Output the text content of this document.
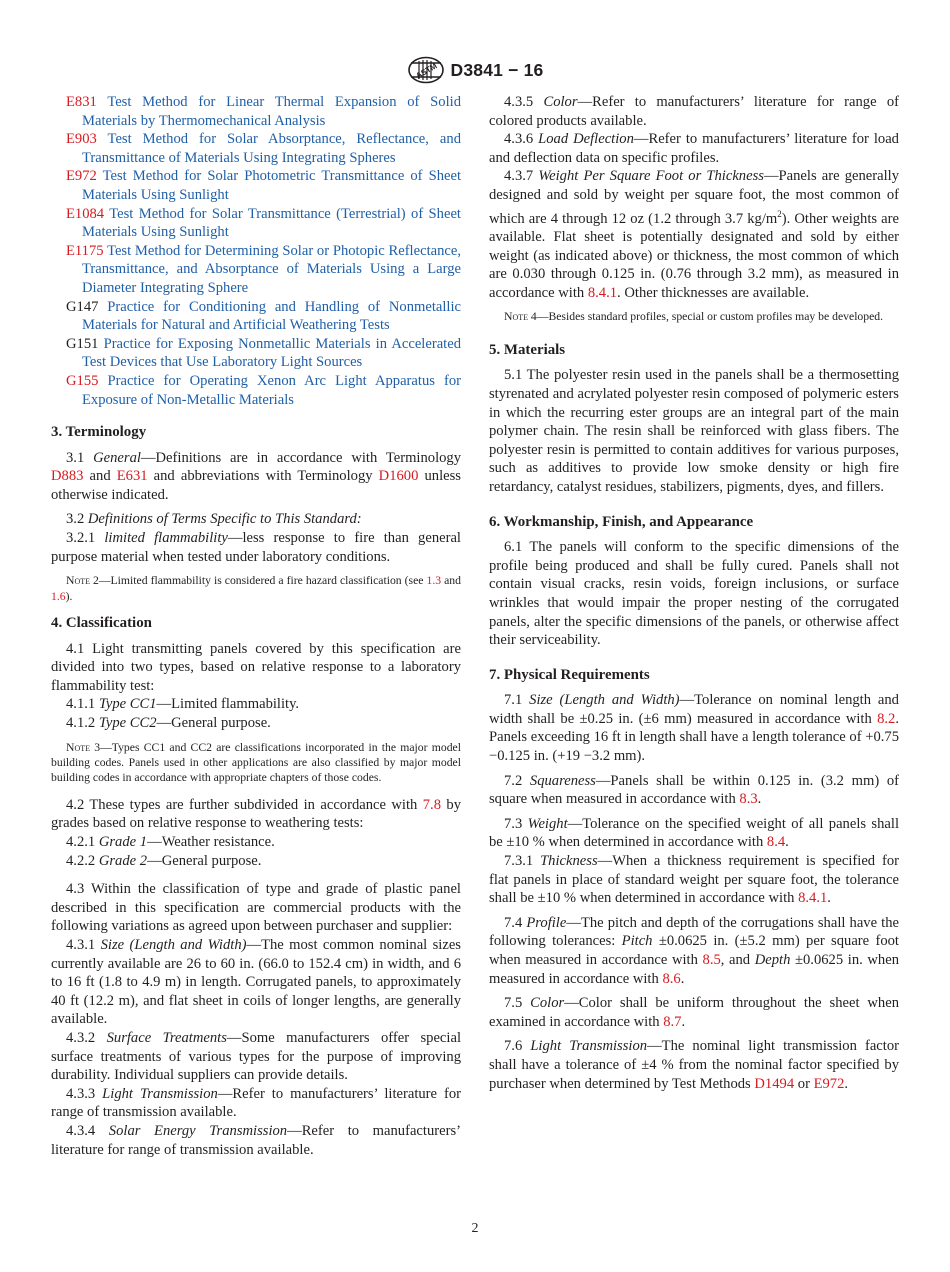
ASTM D3841 − 16

E831 Test Method for Linear Thermal Expansion of Solid Materials by Thermomechanical Analysis

E903 Test Method for Solar Absorptance, Reflectance, and Transmittance of Materials Using Integrating Spheres

E972 Test Method for Solar Photometric Transmittance of Sheet Materials Using Sunlight

E1084 Test Method for Solar Transmittance (Terrestrial) of Sheet Materials Using Sunlight

E1175 Test Method for Determining Solar or Photopic Reflectance, Transmittance, and Absorptance of Materials Using a Large Diameter Integrating Sphere

G147 Practice for Conditioning and Handling of Nonmetallic Materials for Natural and Artificial Weathering Tests

G151 Practice for Exposing Nonmetallic Materials in Accelerated Test Devices that Use Laboratory Light Sources

G155 Practice for Operating Xenon Arc Light Apparatus for Exposure of Non-Metallic Materials

3. Terminology

3.1 General—Definitions are in accordance with Terminology D883 and E631 and abbreviations with Terminology D1600 unless otherwise indicated.

3.2 Definitions of Terms Specific to This Standard:

3.2.1 limited flammability—less response to fire than general purpose material when tested under laboratory conditions.

Note 2—Limited flammability is considered a fire hazard classification (see 1.3 and 1.6).

4. Classification

4.1 Light transmitting panels covered by this specification are divided into two types, based on relative response to a laboratory flammability test:

4.1.1 Type CC1—Limited flammability.

4.1.2 Type CC2—General purpose.

Note 3—Types CC1 and CC2 are classifications incorporated in the major model building codes. Panels used in other applications are also classified by major model building codes in accordance with appropriate chapters of those codes.

4.2 These types are further subdivided in accordance with 7.8 by grades based on relative response to weathering tests:

4.2.1 Grade 1—Weather resistance.

4.2.2 Grade 2—General purpose.

4.3 Within the classification of type and grade of plastic panel described in this specification are commercial products with the following variations as agreed upon between purchaser and supplier:

4.3.1 Size (Length and Width)—The most common nominal sizes currently available are 26 to 60 in. (66.0 to 152.4 cm) in width, and 6 to 16 ft (1.8 to 4.9 m) in length. Corrugated panels, to approximately 40 ft (12.2 m), and flat sheet in coils of longer lengths, are generally available.

4.3.2 Surface Treatments—Some manufacturers offer special surface treatments of various types for the purpose of improving durability. Individual suppliers can provide details.

4.3.3 Light Transmission—Refer to manufacturers’ literature for range of transmission available.

4.3.4 Solar Energy Transmission—Refer to manufacturers’ literature for range of transmission available.

4.3.5 Color—Refer to manufacturers’ literature for range of colored products available.

4.3.6 Load Deflection—Refer to manufacturers’ literature for load and deflection data on specific profiles.

4.3.7 Weight Per Square Foot or Thickness—Panels are generally designed and sold by weight per square foot, the most common of which are 4 through 12 oz (1.2 through 3.7 $kg/m^2$). Other weights are available. Flat sheet is potentially designated and sold by either weight (as indicated above) or thickness, the most common of which are 0.030 through 0.125 in. (0.76 through 3.2 mm), as measured in accordance with 8.4.1. Other thicknesses are available.

Note 4—Besides standard profiles, special or custom profiles may be developed.

5. Materials

5.1 The polyester resin used in the panels shall be a thermosetting styrenated and acrylated polyester resin composed of polymeric esters in which the recurring ester groups are an integral part of the main polymer chain. The resin shall be reinforced with glass fibers. The polyester resin is permitted to contain additives for various purposes, such as additives to provide low smoke density or high fire retardancy, catalyst residues, stabilizers, pigments, dyes, and fillers.

6. Workmanship, Finish, and Appearance

6.1 The panels will conform to the specific dimensions of the profile being produced and shall be fully cured. Panels shall not contain visual cracks, resin voids, foreign inclusions, or surface wrinkles that would impair the proper nesting of the corrugated panels, alter the specific dimensions of the panels, or otherwise affect their serviceability.

7. Physical Requirements

7.1 Size (Length and Width)—Tolerance on nominal length and width shall be ±0.25 in. (±6 mm) measured in accordance with 8.2. Panels exceeding 16 ft in length shall have a length tolerance of +0.75 −0.125 in. (+19 −3.2 mm).

7.2 Squareness—Panels shall be within 0.125 in. (3.2 mm) of square when measured in accordance with 8.3.

7.3 Weight—Tolerance on the specified weight of all panels shall be ±10 % when determined in accordance with 8.4.

7.3.1 Thickness—When a thickness requirement is specified for flat panels in place of standard weight per square foot, the tolerance shall be ±10 % when determined in accordance with 8.4.1.

7.4 Profile—The pitch and depth of the corrugations shall have the following tolerances: Pitch ±0.0625 in. (±5.2 mm) per square foot when measured in accordance with 8.5, and Depth ±0.0625 in. when measured in accordance with 8.6.

7.5 Color—Color shall be uniform throughout the sheet when examined in accordance with 8.7.

7.6 Light Transmission—The nominal light transmission factor shall have a tolerance of ±4 % from the nominal factor specified by purchaser when determined by Test Methods D1494 or E972.

2
